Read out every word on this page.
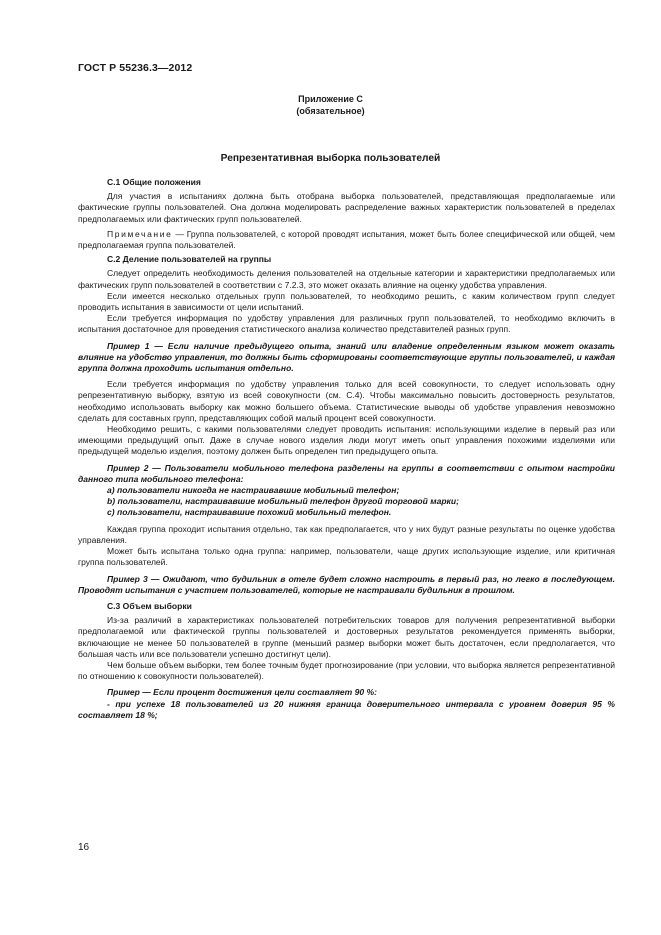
ГОСТ Р 55236.3—2012
Приложение С
(обязательное)
Репрезентативная выборка пользователей

С.1 Общие положения

Для участия в испытаниях должна быть отобрана выборка пользователей, представляющая предполагаемые или фактические группы пользователей. Она должна моделировать распределение важных характеристик пользователей в пределах предполагаемых или фактических групп пользователей.

Примечание — Группа пользователей, с которой проводят испытания, может быть более специфической или общей, чем предполагаемая группа пользователей.

С.2 Деление пользователей на группы

Следует определить необходимость деления пользователей на отдельные категории и характеристики предполагаемых или фактических групп пользователей в соответствии с 7.2.3, это может оказать влияние на оценку удобства управления.

Если имеется несколько отдельных групп пользователей, то необходимо решить, с каким количеством групп следует проводить испытания в зависимости от цели испытаний.

Если требуется информация по удобству управления для различных групп пользователей, то необходимо включить в испытания достаточное для проведения статистического анализа количество представителей разных групп.

Пример 1 — Если наличие предыдущего опыта, знаний или владение определенным языком может оказать влияние на удобство управления, то должны быть сформированы соответствующие группы пользователей, и каждая группа должна проходить испытания отдельно.

Если требуется информация по удобству управления только для всей совокупности, то следует использовать одну репрезентативную выборку, взятую из всей совокупности (см. С.4). Чтобы максимально повысить достоверность результатов, необходимо использовать выборку как можно большего объема. Статистические выводы об удобстве управления невозможно сделать для составных групп, представляющих собой малый процент всей совокупности.

Необходимо решить, с какими пользователями следует проводить испытания: использующими изделие в первый раз или имеющими предыдущий опыт. Даже в случае нового изделия люди могут иметь опыт управления похожими изделиями или предыдущей моделью изделия, поэтому должен быть определен тип предыдущего опыта.

Пример 2 — Пользователи мобильного телефона разделены на группы в соответствии с опытом настройки данного типа мобильного телефона:

а) пользователи никогда не настраивавшие мобильный телефон;

b) пользователи, настраивавшие мобильный телефон другой торговой марки;

c) пользователи, настраивавшие похожий мобильный телефон.

Каждая группа проходит испытания отдельно, так как предполагается, что у них будут разные результаты по оценке удобства управления.

Может быть испытана только одна группа: например, пользователи, чаще других использующие изделие, или критичная группа пользователей.

Пример 3 — Ожидают, что будильник в отеле будет сложно настроить в первый раз, но легко в последующем. Проводят испытания с участием пользователей, которые не настраивали будильник в прошлом.

С.3 Объем выборки

Из-за различий в характеристиках пользователей потребительских товаров для получения репрезентативной выборки предполагаемой или фактической группы пользователей и достоверных результатов рекомендуется применять выборки, включающие не менее 50 пользователей в группе (меньший размер выборки может быть достаточен, если предполагается, что большая часть или все пользователи успешно достигнут цели).

Чем больше объем выборки, тем более точным будет прогнозирование (при условии, что выборка является репрезентативной по отношению к совокупности пользователей).

Пример — Если процент достижения цели составляет 90 %:

- при успехе 18 пользователей из 20 нижняя граница доверительного интервала с уровнем доверия 95 % составляет 18 %;

16
